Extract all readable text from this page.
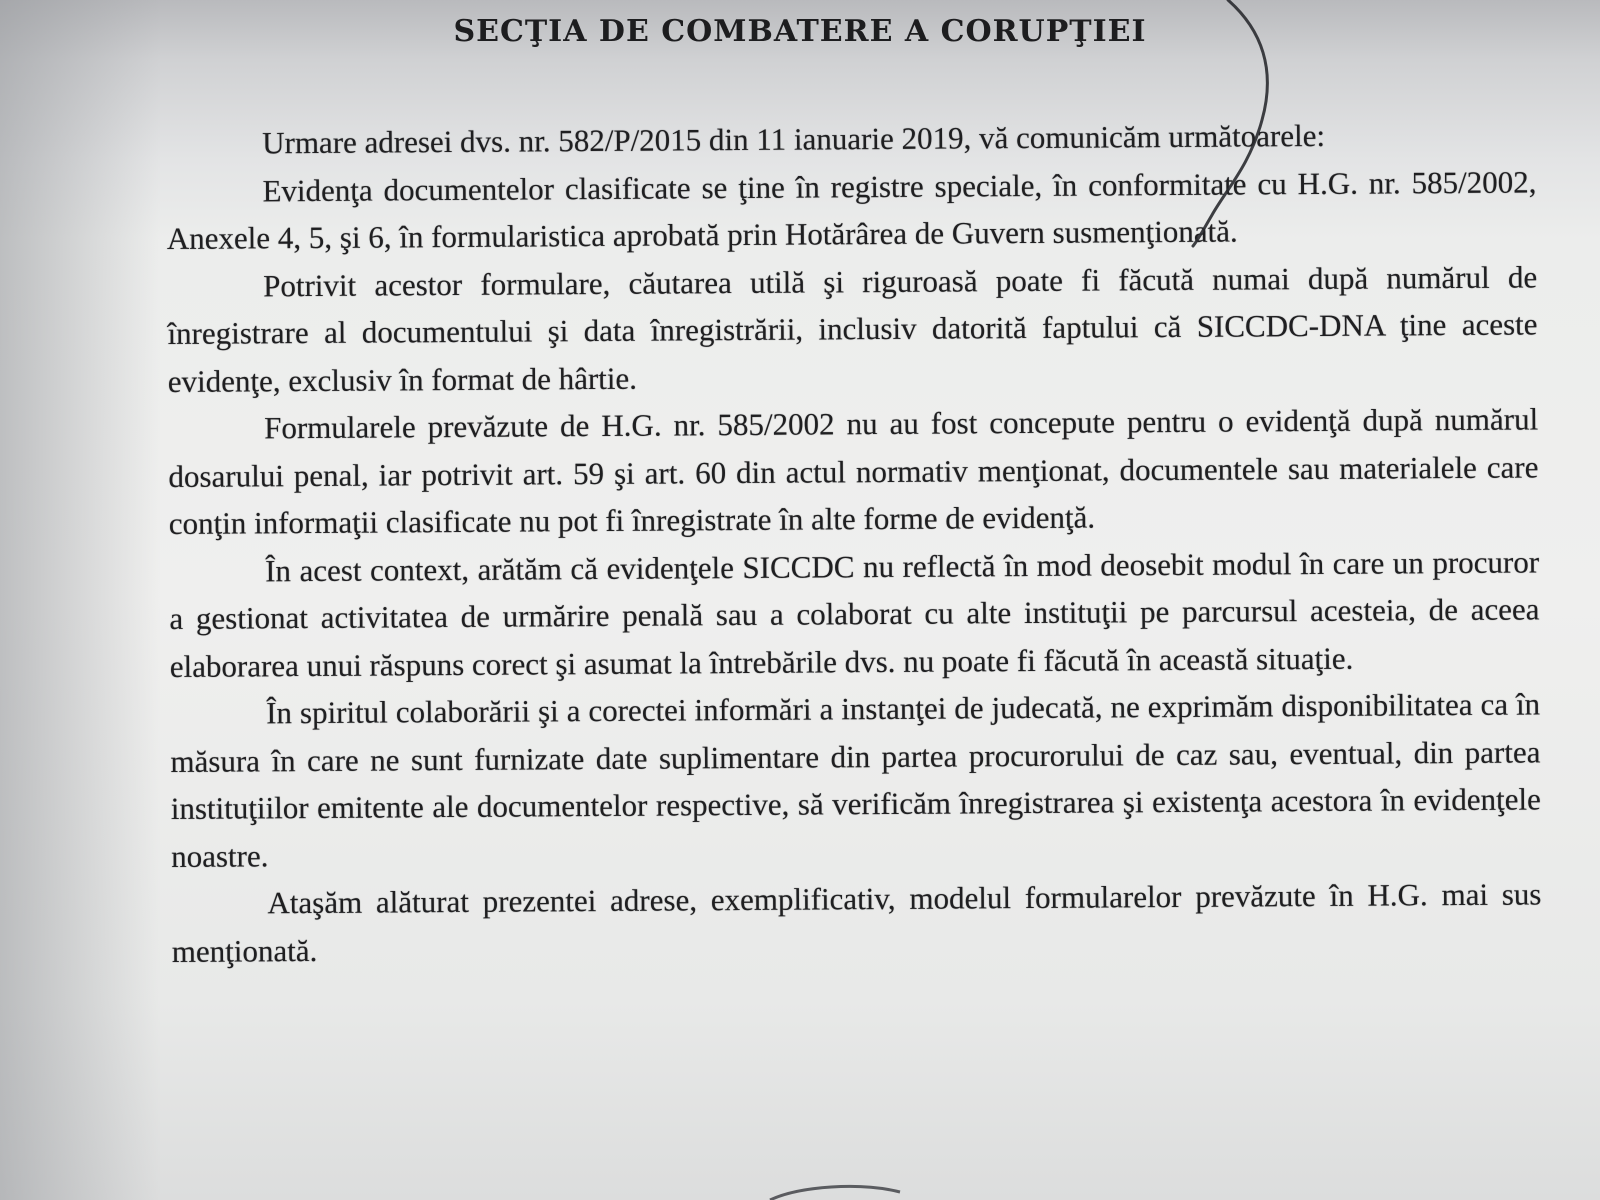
SECŢIA DE COMBATERE A CORUPŢIEI

Urmare adresei dvs. nr. 582/P/2015 din 11 ianuarie 2019, vă comunicăm următoarele:

Evidenţa documentelor clasificate se ţine în registre speciale, în conformitate cu H.G. nr. 585/2002, Anexele 4, 5, şi 6, în formularistica aprobată prin Hotărârea de Guvern susmenţionată.

Potrivit acestor formulare, căutarea utilă şi riguroasă poate fi făcută numai după numărul de înregistrare al documentului şi data înregistrării, inclusiv datorită faptului că SICCDC-DNA ţine aceste evidenţe, exclusiv în format de hârtie.

Formularele prevăzute de H.G. nr. 585/2002 nu au fost concepute pentru o evidenţă după numărul dosarului penal, iar potrivit art. 59 şi art. 60 din actul normativ menţionat, documentele sau materialele care conţin informaţii clasificate nu pot fi înregistrate în alte forme de evidenţă.

În acest context, arătăm că evidenţele SICCDC nu reflectă în mod deosebit modul în care un procuror a gestionat activitatea de urmărire penală sau a colaborat cu alte instituţii pe parcursul acesteia, de aceea elaborarea unui răspuns corect şi asumat la întrebările dvs. nu poate fi făcută în această situaţie.

În spiritul colaborării şi a corectei informări a instanţei de judecată, ne exprimăm disponibilitatea ca în măsura în care ne sunt furnizate date suplimentare din partea procurorului de caz sau, eventual, din partea instituţiilor emitente ale documentelor respective, să verificăm înregistrarea şi existenţa acestora în evidenţele noastre.

Ataşăm alăturat prezentei adrese, exemplificativ, modelul formularelor prevăzute în H.G. mai sus menţionată.
